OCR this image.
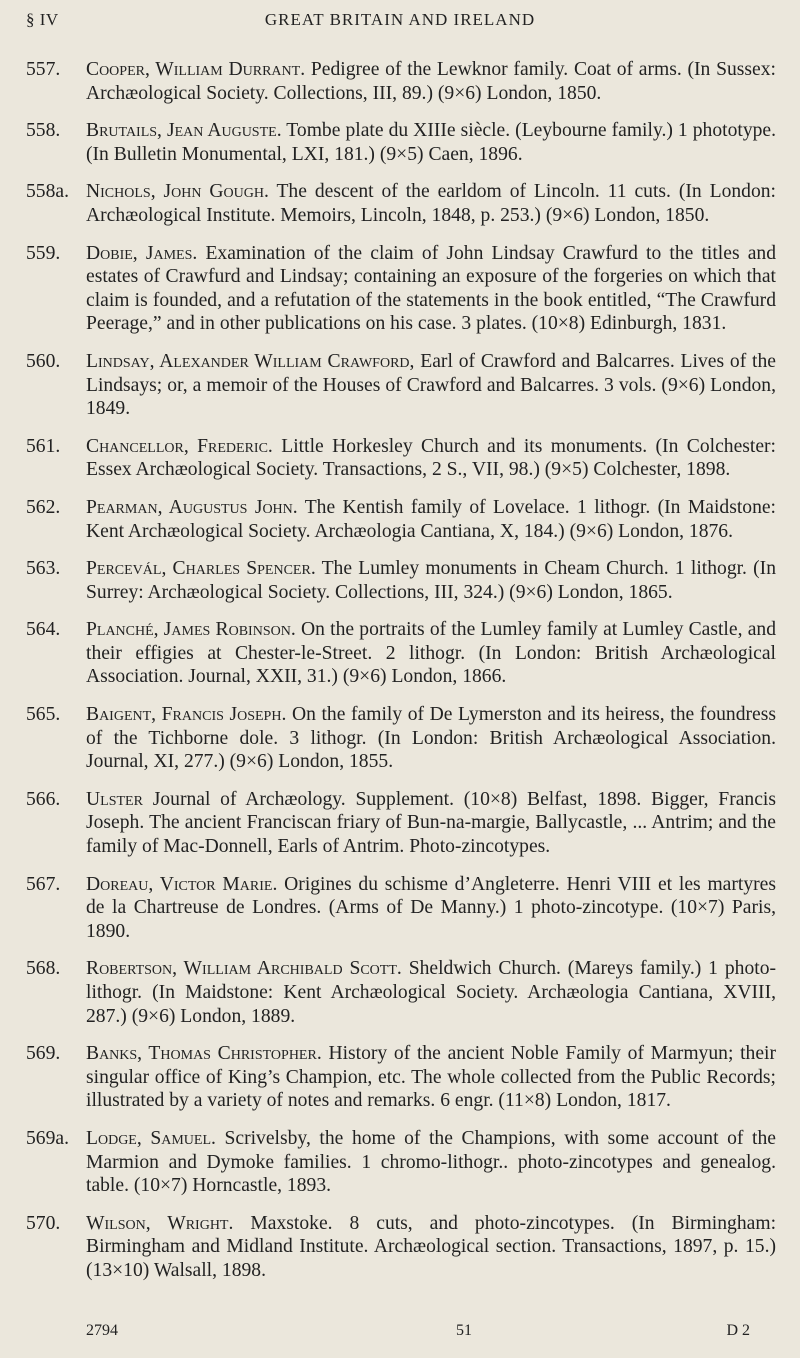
§ IV	GREAT BRITAIN AND IRELAND
557. Cooper, William Durrant. Pedigree of the Lewknor family. Coat of arms. (In Sussex: Archæological Society. Collections, III, 89.) (9×6) London, 1850.
558. Brutails, Jean Auguste. Tombe plate du XIIIe siècle. (Leybourne family.) 1 phototype. (In Bulletin Monumental, LXI, 181.) (9×5) Caen, 1896.
558a. Nichols, John Gough. The descent of the earldom of Lincoln. 11 cuts. (In London: Archæological Institute. Memoirs, Lincoln, 1848, p. 253.) (9×6) London, 1850.
559. Dobie, James. Examination of the claim of John Lindsay Crawfurd to the titles and estates of Crawfurd and Lindsay; containing an exposure of the forgeries on which that claim is founded, and a refutation of the statements in the book entitled, “The Crawfurd Peerage,” and in other publications on his case. 3 plates. (10×8) Edinburgh, 1831.
560. Lindsay, Alexander William Crawford, Earl of Crawford and Balcarres. Lives of the Lindsays; or, a memoir of the Houses of Crawford and Balcarres. 3 vols. (9×6) London, 1849.
561. Chancellor, Frederic. Little Horkesley Church and its monuments. (In Colchester: Essex Archæological Society. Transactions, 2 S., VII, 98.) (9×5) Colchester, 1898.
562. Pearman, Augustus John. The Kentish family of Lovelace. 1 lithogr. (In Maidstone: Kent Archæological Society. Archæologia Cantiana, X, 184.) (9×6) London, 1876.
563. Percevál, Charles Spencer. The Lumley monuments in Cheam Church. 1 lithogr. (In Surrey: Archæological Society. Collections, III, 324.) (9×6) London, 1865.
564. Planché, James Robinson. On the portraits of the Lumley family at Lumley Castle, and their effigies at Chester-le-Street. 2 lithogr. (In London: British Archæological Association. Journal, XXII, 31.) (9×6) London, 1866.
565. Baigent, Francis Joseph. On the family of De Lymerston and its heiress, the foundress of the Tichborne dole. 3 lithogr. (In London: British Archæological Association. Journal, XI, 277.) (9×6) London, 1855.
566. Ulster Journal of Archæology. Supplement. (10×8) Belfast, 1898. Bigger, Francis Joseph. The ancient Franciscan friary of Bun-na-margie, Ballycastle, ... Antrim; and the family of Mac-Donnell, Earls of Antrim. Photo-zincotypes.
567. Doreau, Victor Marie. Origines du schisme d’Angleterre. Henri VIII et les martyres de la Chartreuse de Londres. (Arms of De Manny.) 1 photo-zincotype. (10×7) Paris, 1890.
568. Robertson, William Archibald Scott. Sheldwich Church. (Mareys family.) 1 photo-lithogr. (In Maidstone: Kent Archæological Society. Archæologia Cantiana, XVIII, 287.) (9×6) London, 1889.
569. Banks, Thomas Christopher. History of the ancient Noble Family of Marmyun; their singular office of King’s Champion, etc. The whole collected from the Public Records; illustrated by a variety of notes and remarks. 6 engr. (11×8) London, 1817.
569a. Lodge, Samuel. Scrivelsby, the home of the Champions, with some account of the Marmion and Dymoke families. 1 chromo-lithogr.. photo-zincotypes and genealog. table. (10×7) Horncastle, 1893.
570. Wilson, Wright. Maxstoke. 8 cuts, and photo-zincotypes. (In Birmingham: Birmingham and Midland Institute. Archæological section. Transactions, 1897, p. 15.) (13×10) Walsall, 1898.
2794	51	D 2
